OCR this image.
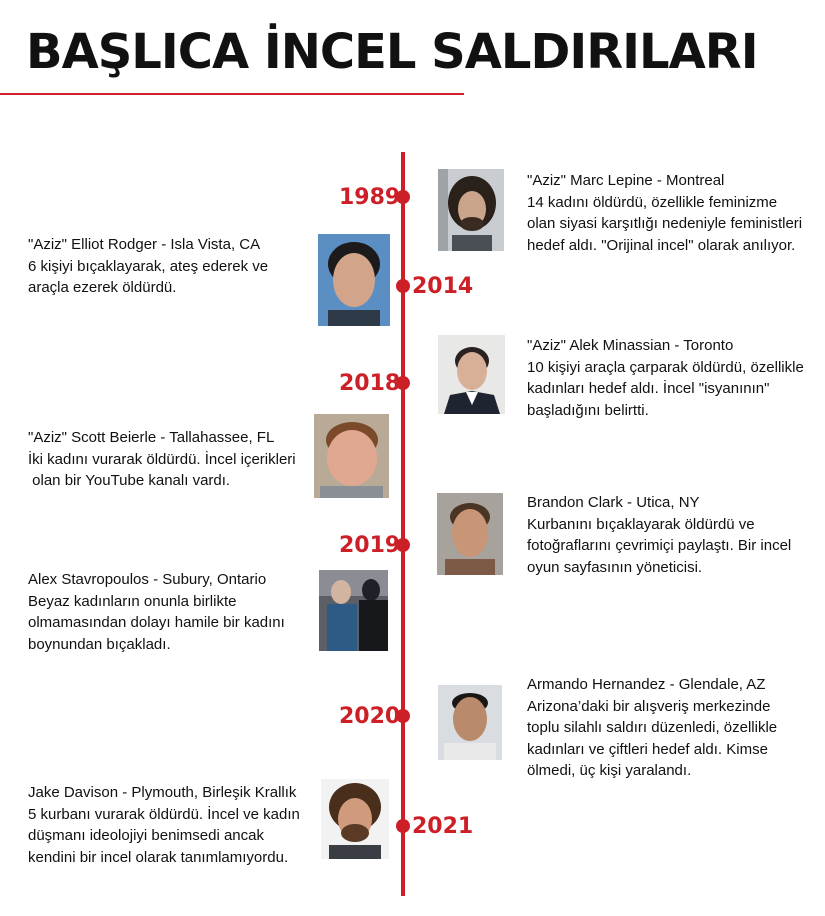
BAŞLICA İNCEL SALDIRILARI
1989
2014
2018
2019
2020
2021
"Aziz" Marc Lepine - Montreal
14 kadını öldürdü, özellikle feminizme
olan siyasi karşıtlığı nedeniyle feministleri
hedef aldı. "Orijinal incel" olarak anılıyor.
"Aziz" Elliot Rodger - Isla Vista, CA
6 kişiyi bıçaklayarak, ateş ederek ve
araçla ezerek öldürdü.
"Aziz" Alek Minassian - Toronto
10 kişiyi araçla çarparak öldürdü, özellikle
kadınları hedef aldı. İncel "isyanının"
başladığını belirtti.
"Aziz" Scott Beierle - Tallahassee, FL
İki kadını vurarak öldürdü. İncel içerikleri
olan bir YouTube kanalı vardı.
Brandon Clark - Utica, NY
Kurbanını bıçaklayarak öldürdü ve
fotoğraflarını çevrimiçi paylaştı. Bir incel
oyun sayfasının yöneticisi.
Alex Stavropoulos - Subury, Ontario
Beyaz kadınların onunla birlikte
olmamasından dolayı hamile bir kadını
boynundan bıçakladı.
Armando Hernandez - Glendale, AZ
Arizona’daki bir alışveriş merkezinde
toplu silahlı saldırı düzenledi, özellikle
kadınları ve çiftleri hedef aldı. Kimse
ölmedi, üç kişi yaralandı.
Jake Davison - Plymouth, Birleşik Krallık
5 kurbanı vurarak öldürdü. İncel ve kadın
düşmanı ideolojiyi benimsedi ancak
kendini bir incel olarak tanımlamıyordu.
